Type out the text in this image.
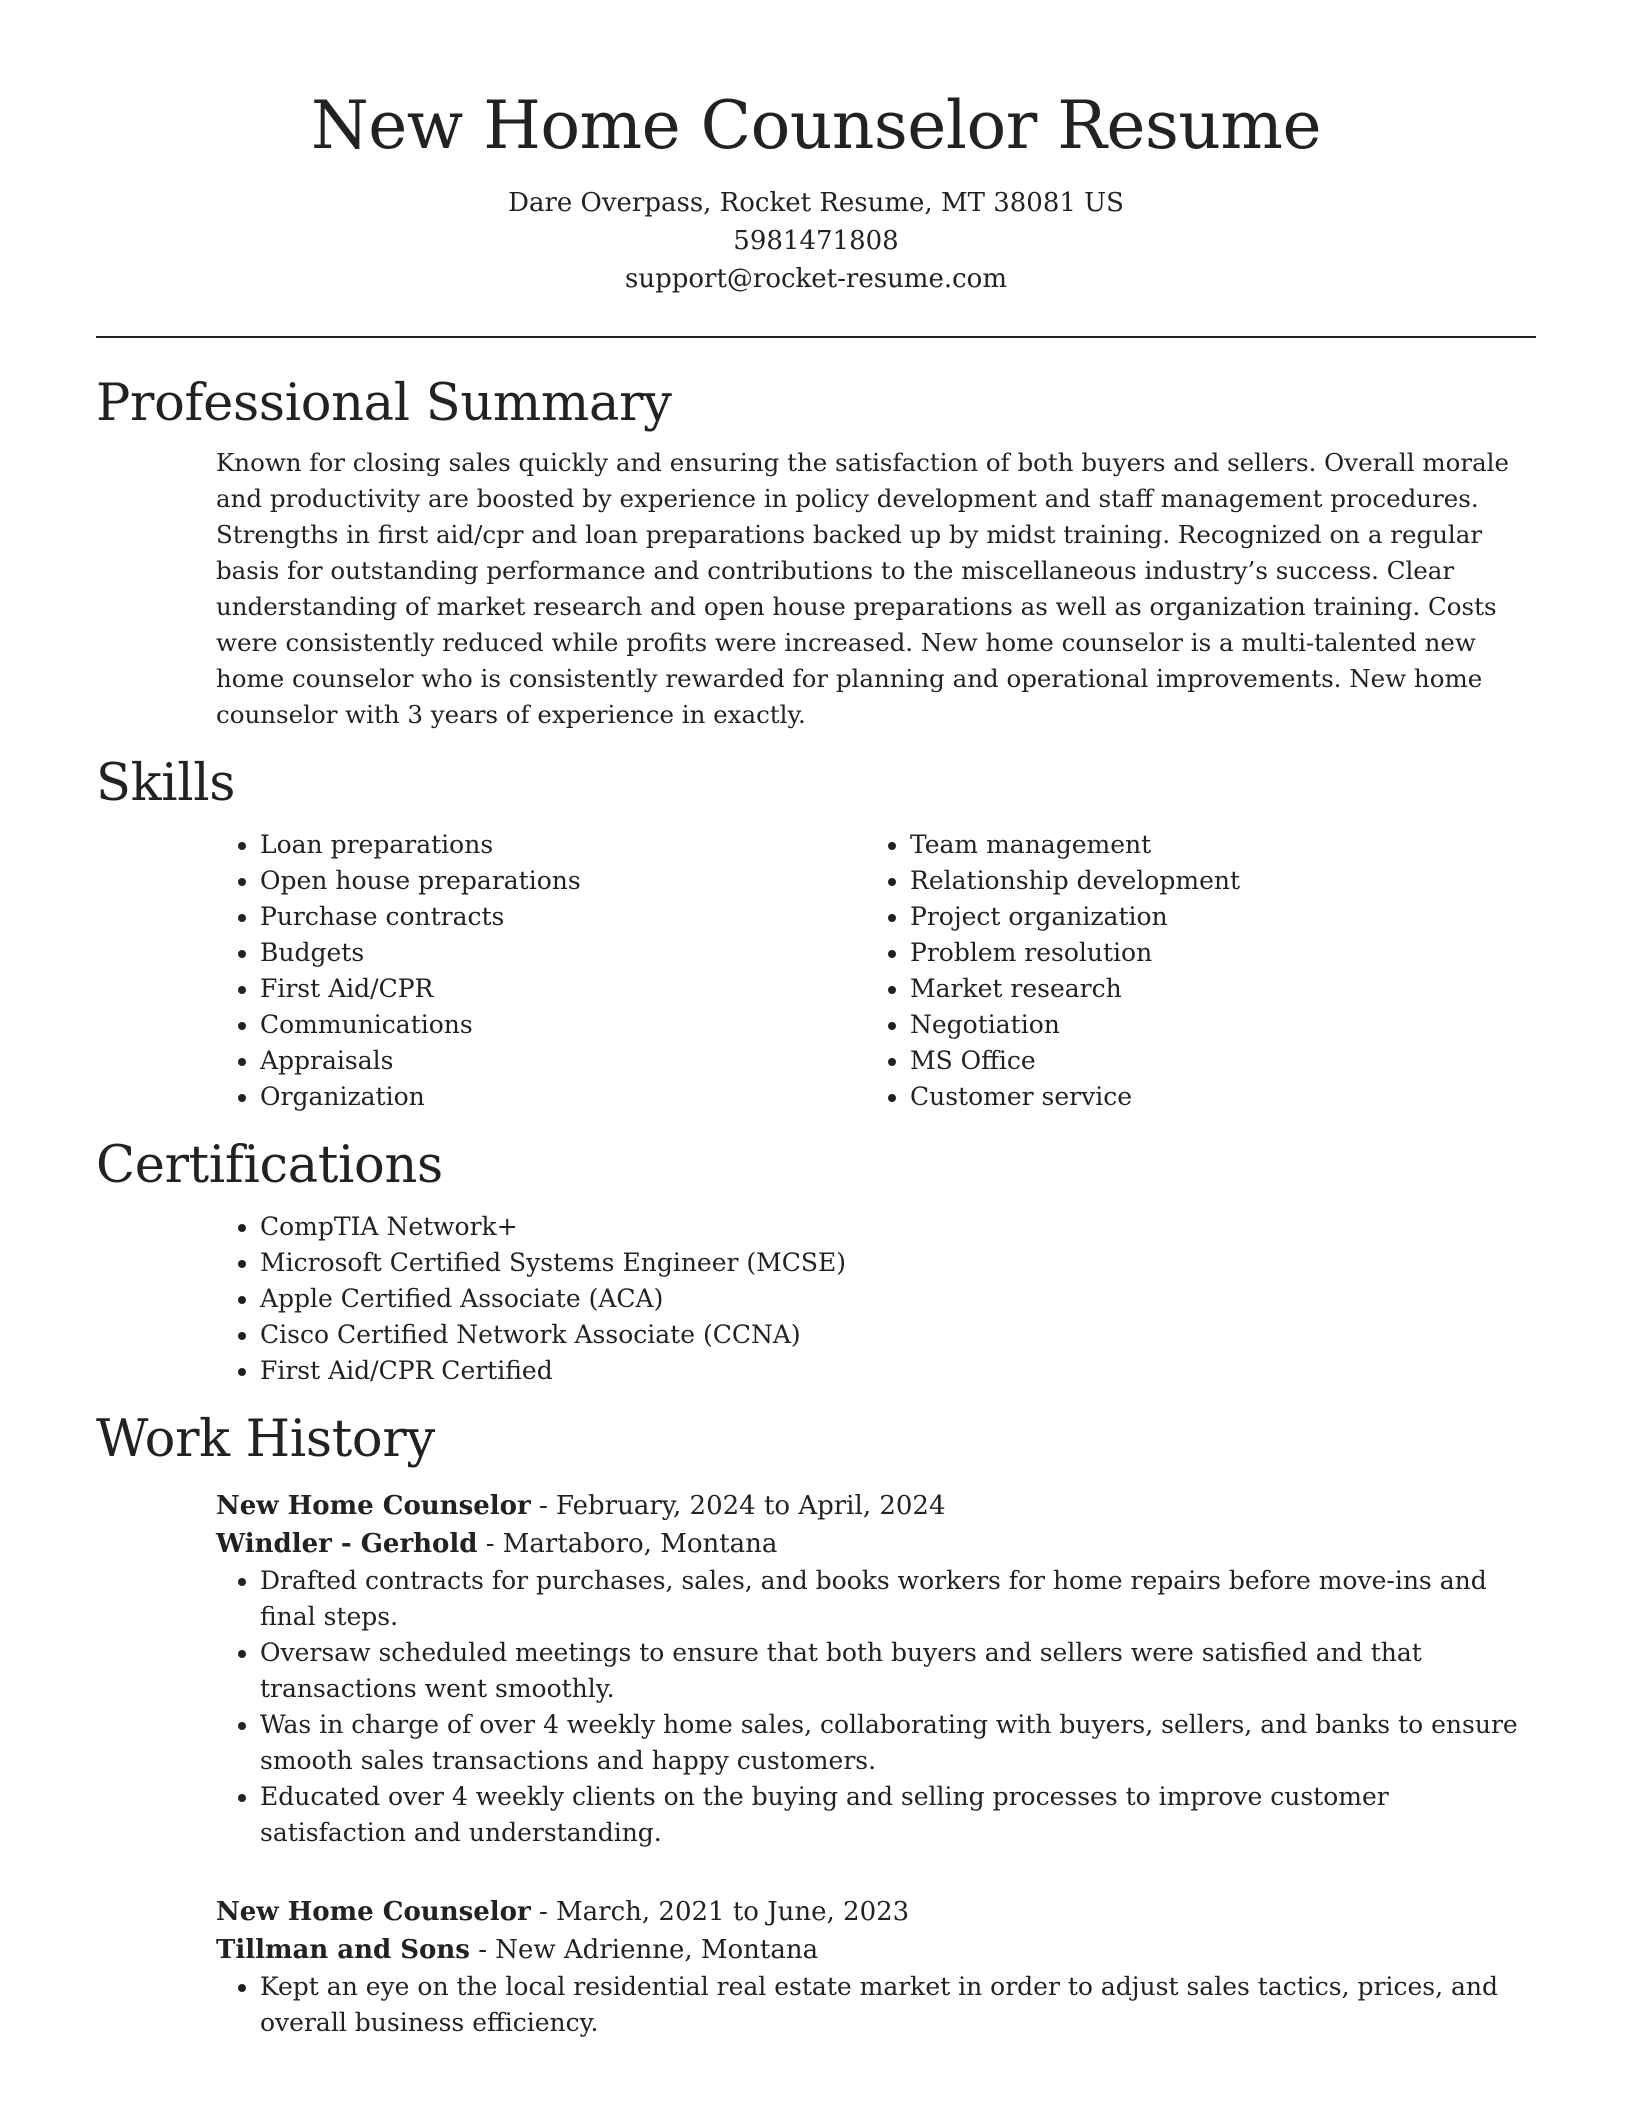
New Home Counselor Resume
Dare Overpass, Rocket Resume, MT 38081 US
5981471808
support@rocket-resume.com
Professional Summary

Known for closing sales quickly and ensuring the satisfaction of both buyers and sellers. Overall morale and productivity are boosted by experience in policy development and staff management procedures. Strengths in first aid/cpr and loan preparations backed up by midst training. Recognized on a regular basis for outstanding performance and contributions to the miscellaneous industry’s success. Clear understanding of market research and open house preparations as well as organization training. Costs were consistently reduced while profits were increased. New home counselor is a multi-talented new home counselor who is consistently rewarded for planning and operational improvements. New home counselor with 3 years of experience in exactly.

Skills
• Loan preparations
• Open house preparations
• Purchase contracts
• Budgets
• First Aid/CPR
• Communications
• Appraisals
• Organization
• Team management
• Relationship development
• Project organization
• Problem resolution
• Market research
• Negotiation
• MS Office
• Customer service
Certifications
• CompTIA Network+
• Microsoft Certified Systems Engineer (MCSE)
• Apple Certified Associate (ACA)
• Cisco Certified Network Associate (CCNA)
• First Aid/CPR Certified
Work History
New Home Counselor - February, 2024 to April, 2024
Windler - Gerhold - Martaboro, Montana
• Drafted contracts for purchases, sales, and books workers for home repairs before move-ins and final steps.
• Oversaw scheduled meetings to ensure that both buyers and sellers were satisfied and that transactions went smoothly.
• Was in charge of over 4 weekly home sales, collaborating with buyers, sellers, and banks to ensure smooth sales transactions and happy customers.
• Educated over 4 weekly clients on the buying and selling processes to improve customer satisfaction and understanding.
New Home Counselor - March, 2021 to June, 2023
Tillman and Sons - New Adrienne, Montana
• Kept an eye on the local residential real estate market in order to adjust sales tactics, prices, and overall business efficiency.
